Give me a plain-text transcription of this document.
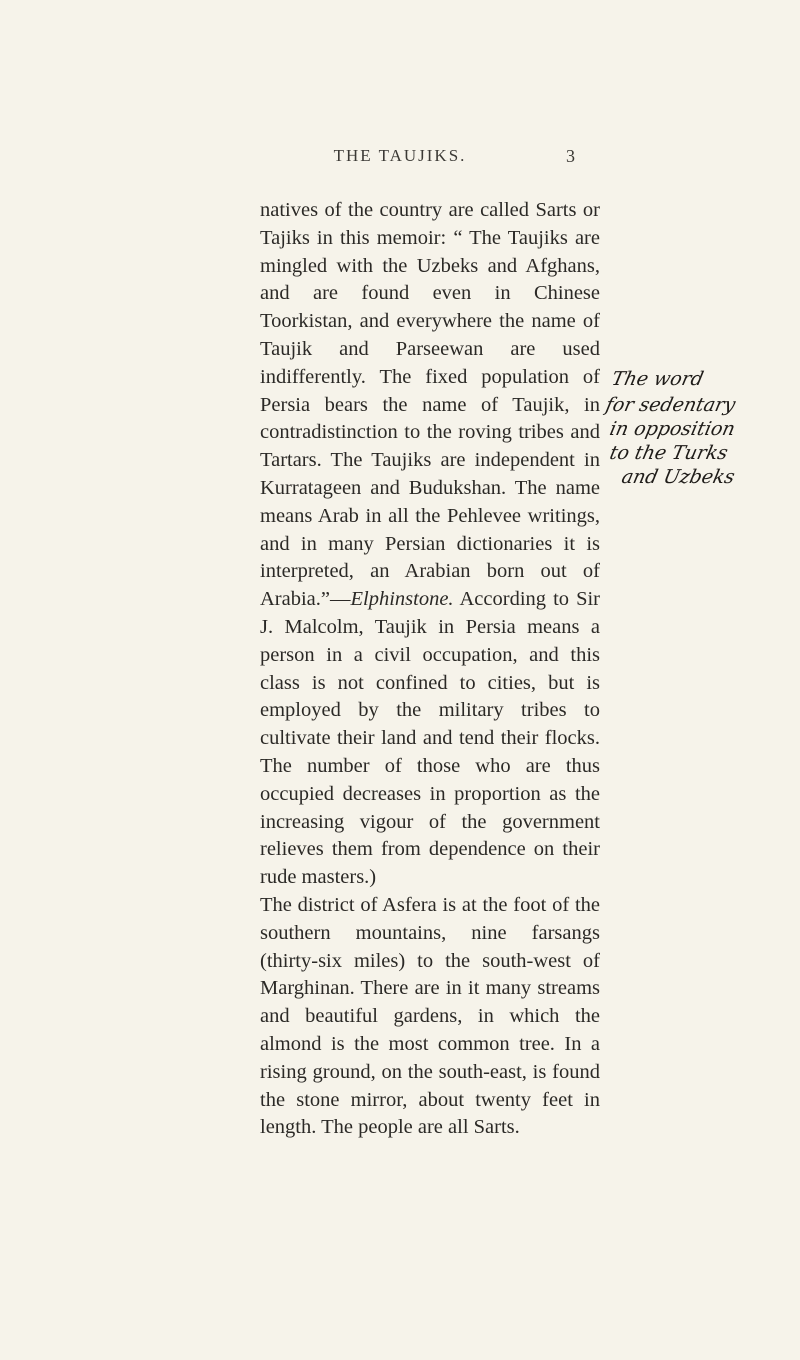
THE TAUJIKS.	3

natives of the country are called Sarts or Tajiks in this memoir: “ The Taujiks are mingled with the Uzbeks and Afghans, and are found even in Chinese Toorkistan, and everywhere the name of Taujik and Parseewan are used indifferently. The fixed population of Persia bears the name of Taujik, in contradistinction to the roving tribes and Tartars. The Taujiks are independent in Kurratageen and Budukshan. The name means Arab in all the Pehlevee writings, and in many Persian dictionaries it is interpreted, an Arabian born out of Arabia.”—Elphinstone. According to Sir J. Malcolm, Taujik in Persia means a person in a civil occupation, and this class is not confined to cities, but is employed by the military tribes to cultivate their land and tend their flocks. The number of those who are thus occupied decreases in proportion as the increasing vigour of the government relieves them from dependence on their rude masters.)

The district of Asfera is at the foot of the southern mountains, nine farsangs (thirty-six miles) to the south-west of Marghinan. There are in it many streams and beautiful gardens, in which the almond is the most common tree. In a rising ground, on the south-east, is found the stone mirror, about twenty feet in length. The people are all Sarts.

The word
for sedentary
in opposition
to the Turks
and Uzbeks
